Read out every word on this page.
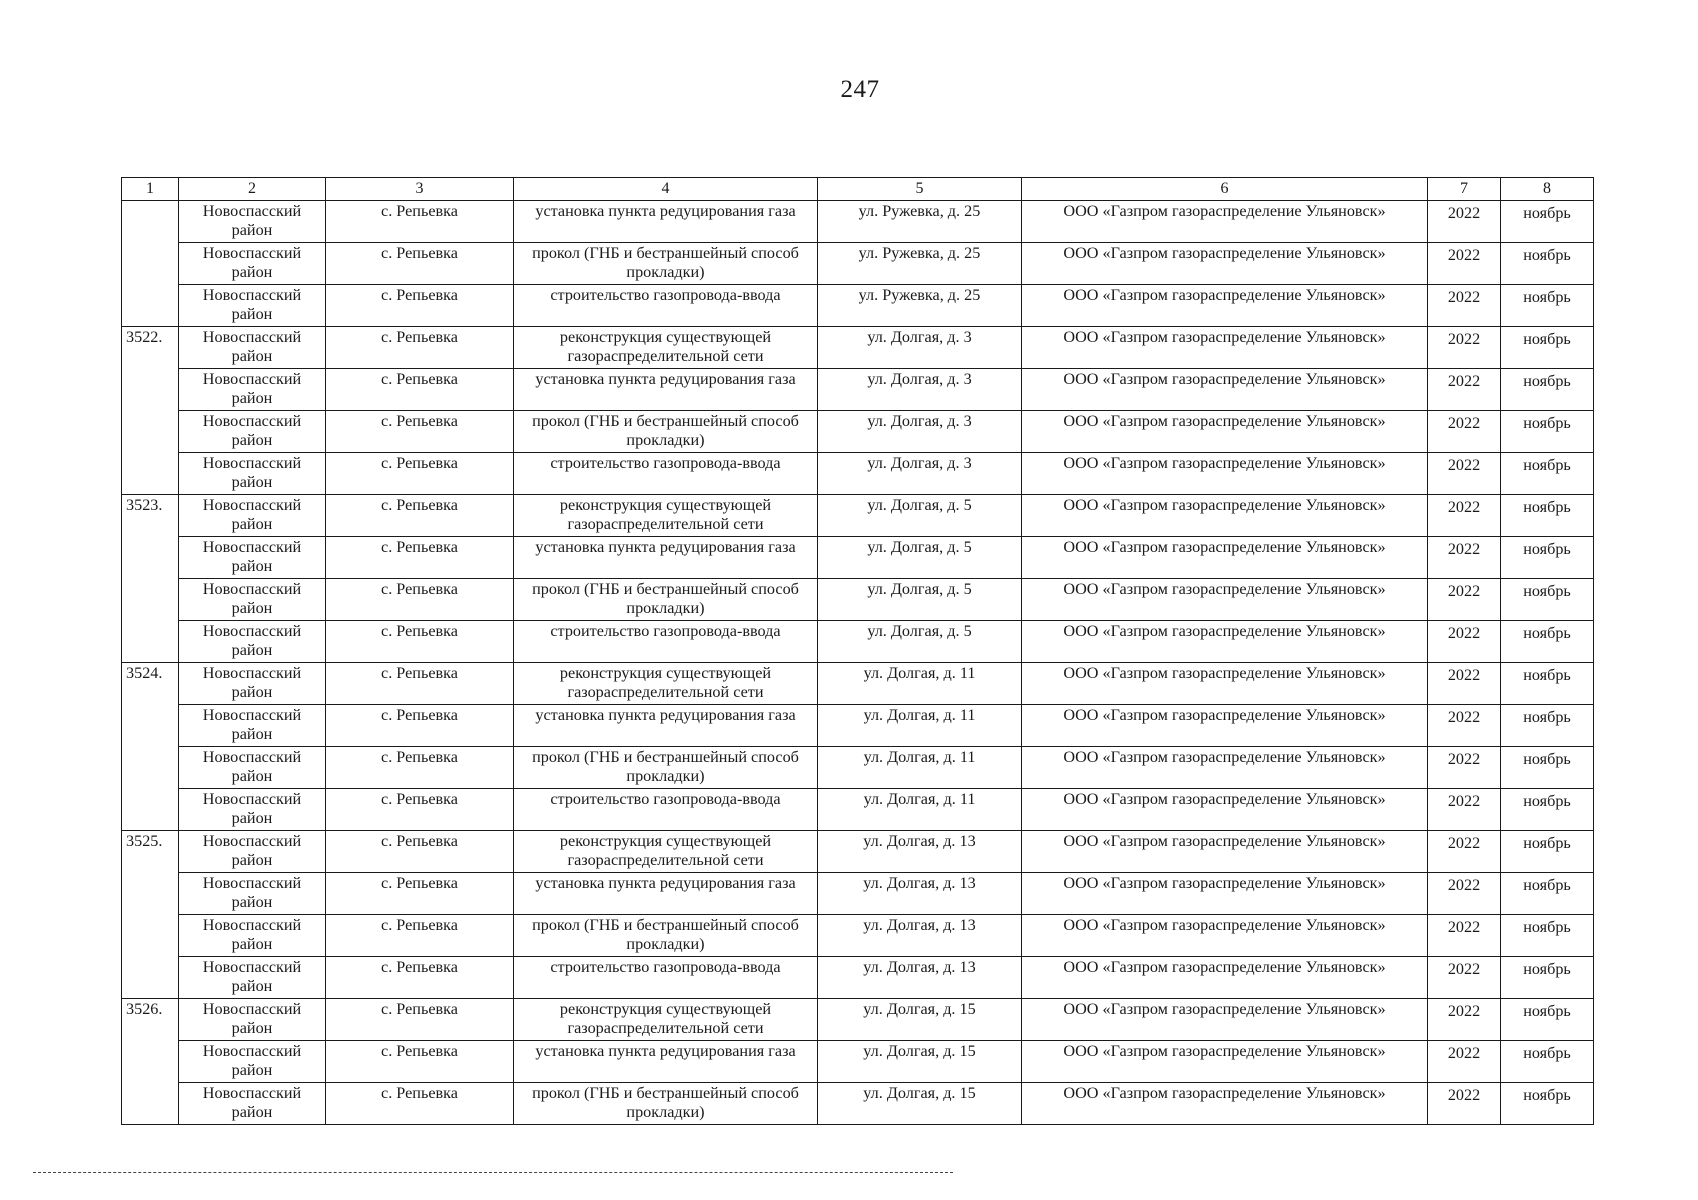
247
1	2	3	4	5	6	7	8
	Новоспасский район	с. Репьевка	установка пункта редуцирования газа	ул. Ружевка, д. 25	ООО «Газпром газораспределение Ульяновск»	2022	ноябрь
	Новоспасский район	с. Репьевка	прокол (ГНБ и бестраншейный способ прокладки)	ул. Ружевка, д. 25	ООО «Газпром газораспределение Ульяновск»	2022	ноябрь
	Новоспасский район	с. Репьевка	строительство газопровода-ввода	ул. Ружевка, д. 25	ООО «Газпром газораспределение Ульяновск»	2022	ноябрь
3522.	Новоспасский район	с. Репьевка	реконструкция существующей газораспределительной сети	ул. Долгая, д. 3	ООО «Газпром газораспределение Ульяновск»	2022	ноябрь
	Новоспасский район	с. Репьевка	установка пункта редуцирования газа	ул. Долгая, д. 3	ООО «Газпром газораспределение Ульяновск»	2022	ноябрь
	Новоспасский район	с. Репьевка	прокол (ГНБ и бестраншейный способ прокладки)	ул. Долгая, д. 3	ООО «Газпром газораспределение Ульяновск»	2022	ноябрь
	Новоспасский район	с. Репьевка	строительство газопровода-ввода	ул. Долгая, д. 3	ООО «Газпром газораспределение Ульяновск»	2022	ноябрь
3523.	Новоспасский район	с. Репьевка	реконструкция существующей газораспределительной сети	ул. Долгая, д. 5	ООО «Газпром газораспределение Ульяновск»	2022	ноябрь
	Новоспасский район	с. Репьевка	установка пункта редуцирования газа	ул. Долгая, д. 5	ООО «Газпром газораспределение Ульяновск»	2022	ноябрь
	Новоспасский район	с. Репьевка	прокол (ГНБ и бестраншейный способ прокладки)	ул. Долгая, д. 5	ООО «Газпром газораспределение Ульяновск»	2022	ноябрь
	Новоспасский район	с. Репьевка	строительство газопровода-ввода	ул. Долгая, д. 5	ООО «Газпром газораспределение Ульяновск»	2022	ноябрь
3524.	Новоспасский район	с. Репьевка	реконструкция существующей газораспределительной сети	ул. Долгая, д. 11	ООО «Газпром газораспределение Ульяновск»	2022	ноябрь
	Новоспасский район	с. Репьевка	установка пункта редуцирования газа	ул. Долгая, д. 11	ООО «Газпром газораспределение Ульяновск»	2022	ноябрь
	Новоспасский район	с. Репьевка	прокол (ГНБ и бестраншейный способ прокладки)	ул. Долгая, д. 11	ООО «Газпром газораспределение Ульяновск»	2022	ноябрь
	Новоспасский район	с. Репьевка	строительство газопровода-ввода	ул. Долгая, д. 11	ООО «Газпром газораспределение Ульяновск»	2022	ноябрь
3525.	Новоспасский район	с. Репьевка	реконструкция существующей газораспределительной сети	ул. Долгая, д. 13	ООО «Газпром газораспределение Ульяновск»	2022	ноябрь
	Новоспасский район	с. Репьевка	установка пункта редуцирования газа	ул. Долгая, д. 13	ООО «Газпром газораспределение Ульяновск»	2022	ноябрь
	Новоспасский район	с. Репьевка	прокол (ГНБ и бестраншейный способ прокладки)	ул. Долгая, д. 13	ООО «Газпром газораспределение Ульяновск»	2022	ноябрь
	Новоспасский район	с. Репьевка	строительство газопровода-ввода	ул. Долгая, д. 13	ООО «Газпром газораспределение Ульяновск»	2022	ноябрь
3526.	Новоспасский район	с. Репьевка	реконструкция существующей газораспределительной сети	ул. Долгая, д. 15	ООО «Газпром газораспределение Ульяновск»	2022	ноябрь
	Новоспасский район	с. Репьевка	установка пункта редуцирования газа	ул. Долгая, д. 15	ООО «Газпром газораспределение Ульяновск»	2022	ноябрь
	Новоспасский район	с. Репьевка	прокол (ГНБ и бестраншейный способ прокладки)	ул. Долгая, д. 15	ООО «Газпром газораспределение Ульяновск»	2022	ноябрь
